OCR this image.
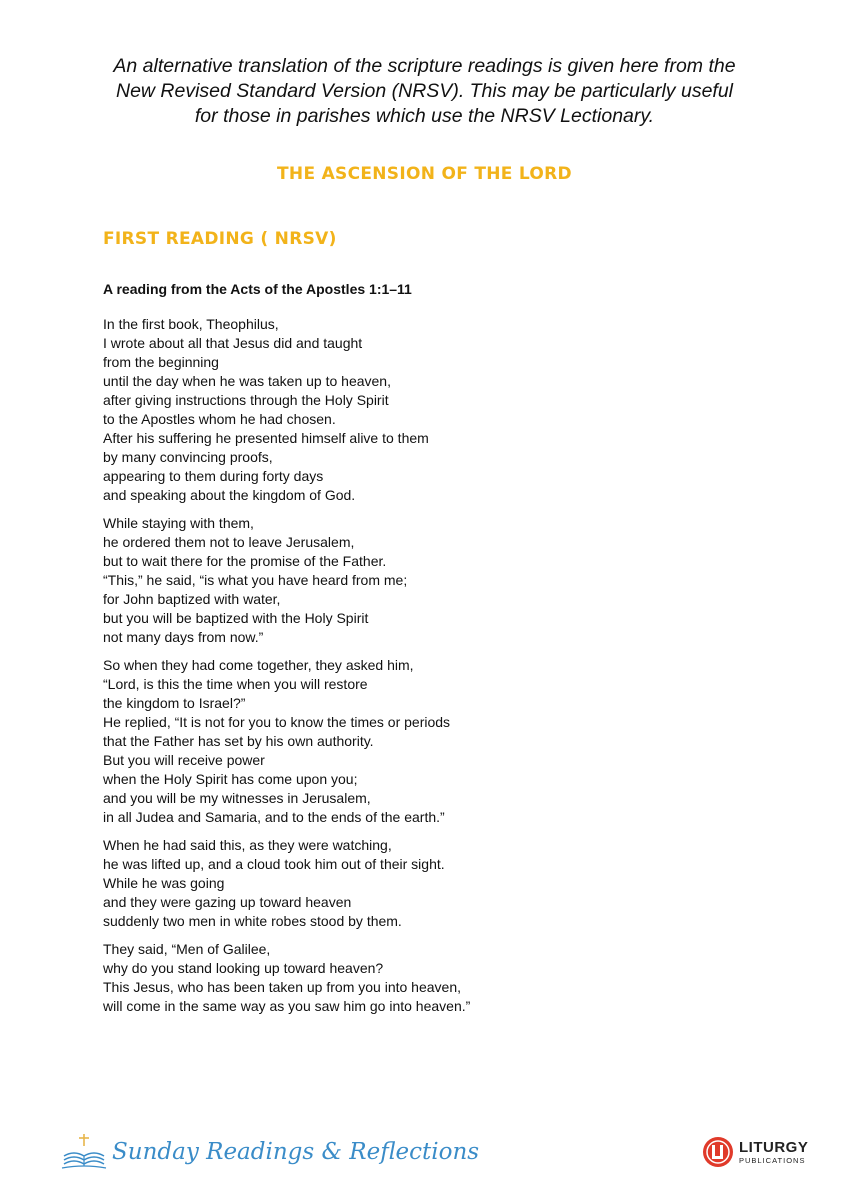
An alternative translation of the scripture readings is given here from the
New Revised Standard Version (NRSV). This may be particularly useful
for those in parishes which use the NRSV Lectionary.
THE ASCENSION OF THE LORD
FIRST READING ( NRSV)
A reading from the Acts of the Apostles 1:1–11
In the first book, Theophilus,
I wrote about all that Jesus did and taught
from the beginning
until the day when he was taken up to heaven,
after giving instructions through the Holy Spirit
to the Apostles whom he had chosen.
After his suffering he presented himself alive to them
by many convincing proofs,
appearing to them during forty days
and speaking about the kingdom of God.
While staying with them,
he ordered them not to leave Jerusalem,
but to wait there for the promise of the Father.
“This,” he said, “is what you have heard from me;
for John baptized with water,
but you will be baptized with the Holy Spirit
not many days from now.”
So when they had come together, they asked him,
“Lord, is this the time when you will restore
the kingdom to Israel?”
He replied, “It is not for you to know the times or periods
that the Father has set by his own authority.
But you will receive power
when the Holy Spirit has come upon you;
and you will be my witnesses in Jerusalem,
in all Judea and Samaria, and to the ends of the earth.”
When he had said this, as they were watching,
he was lifted up, and a cloud took him out of their sight.
While he was going
and they were gazing up toward heaven
suddenly two men in white robes stood by them.
They said, “Men of Galilee,
why do you stand looking up toward heaven?
This Jesus, who has been taken up from you into heaven,
will come in the same way as you saw him go into heaven.”
Sunday Readings & Reflections	LITURGY
PUBLICATIONS
